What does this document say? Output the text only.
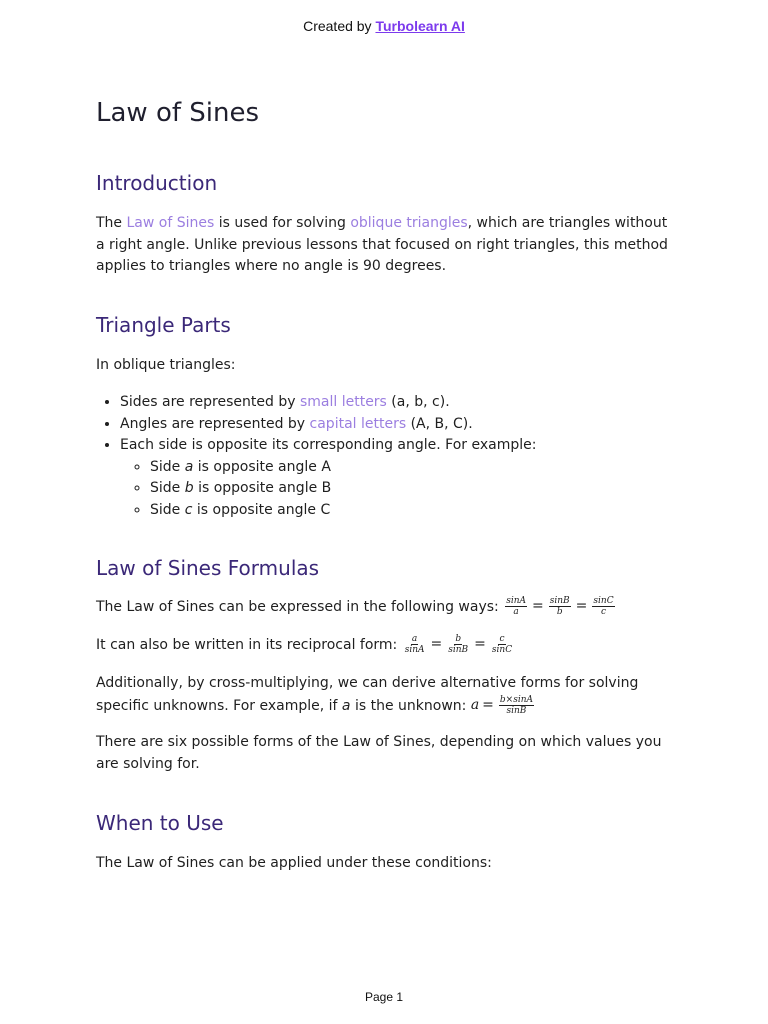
Created by Turbolearn AI
Law of Sines
Introduction

The Law of Sines is used for solving oblique triangles, which are triangles without a right angle. Unlike previous lessons that focused on right triangles, this method applies to triangles where no angle is 90 degrees.

Triangle Parts

In oblique triangles:

• Sides are represented by small letters (a, b, c).
• Angles are represented by capital letters (A, B, C).
• Each side is opposite its corresponding angle. For example:
◦ Side a is opposite angle A
◦ Side b is opposite angle B
◦ Side c is opposite angle C
Law of Sines Formulas

The Law of Sines can be expressed in the following ways: $\frac{\sin A}{a} = \frac{\sin B}{b} = \frac{\sin C}{c}$

It can also be written in its reciprocal form: $\frac{a}{\sin A} = \frac{b}{\sin B} = \frac{c}{\sin C}$

Additionally, by cross-multiplying, we can derive alternative forms for solving specific unknowns. For example, if a is the unknown: $a = \frac{b\times\sin A}{\sin B}$

There are six possible forms of the Law of Sines, depending on which values you are solving for.

When to Use

The Law of Sines can be applied under these conditions:

Page 1
